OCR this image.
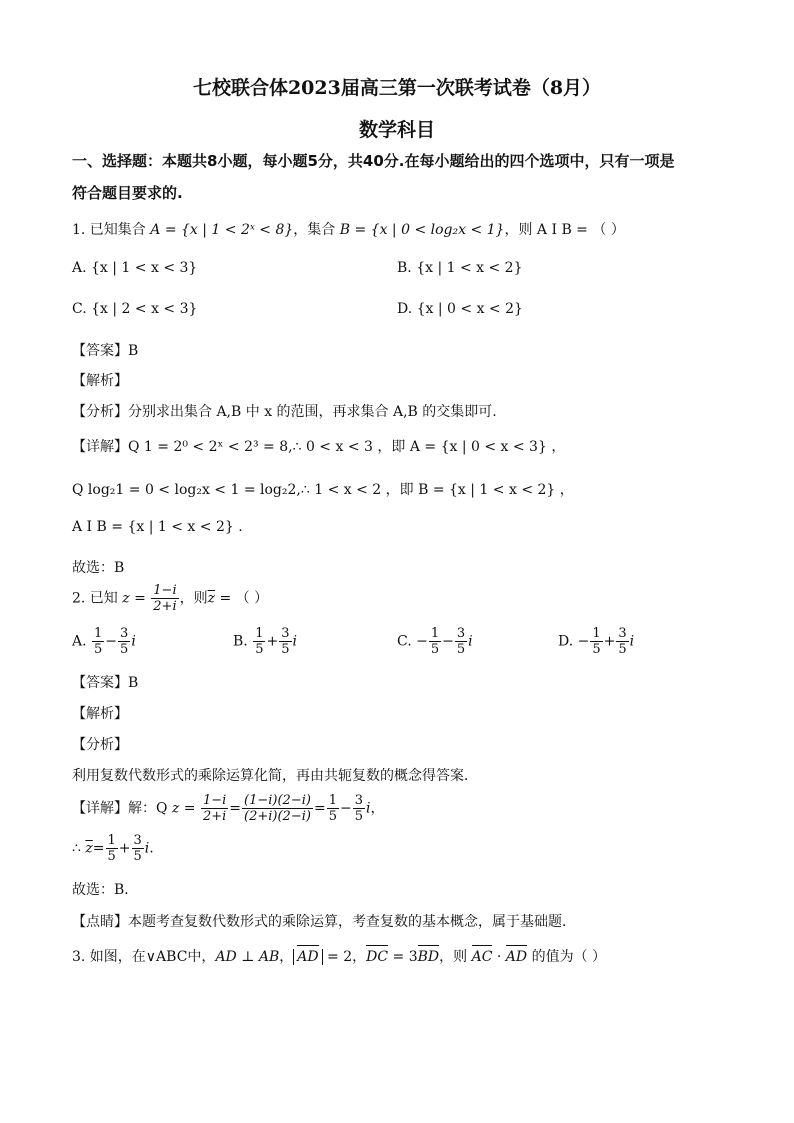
七校联合体2023届高三第一次联考试卷（8月）
数学科目
一、选择题：本题共8小题，每小题5分，共40分.在每小题给出的四个选项中，只有一项是
符合题目要求的.
1. 已知集合 A = {x | 1 < 2ˣ < 8}，集合 B = {x | 0 < log₂x < 1}，则 A I B = （ ）
A. {x | 1 < x < 3}	B. {x | 1 < x < 2}
C. {x | 2 < x < 3}	D. {x | 0 < x < 2}
【答案】B
【解析】
【分析】分别求出集合 A,B 中 x 的范围，再求集合 A,B 的交集即可.
【详解】Q 1 = 2⁰ < 2ˣ < 2³ = 8,∴ 0 < x < 3 ，即 A = {x | 0 < x < 3} ，
Q log₂1 = 0 < log₂x < 1 = log₂2,∴ 1 < x < 2 ，即 B = {x | 1 < x < 2} ，
A I B = {x | 1 < x < 2} .
故选：B
2. 已知 $z = \frac{1-i}{2+i}$ ，则$\overline{z}$ = （ ）
A. $\frac{1}{5} - \frac{3}{5}$ i	B. $\frac{1}{5} + \frac{3}{5}$ i	C. − $\frac{1}{5} - \frac{3}{5}$ i	D. − $\frac{1}{5} + \frac{3}{5}$ i
【答案】B
【解析】
【分析】
利用复数代数形式的乘除运算化简，再由共轭复数的概念得答案．
【详解】解：Q $z = \frac{1-i}{2+i} = \frac{(1-i)(2-i)}{(2+i)(2-i)} = \frac{1}{5} - \frac{3}{5}$ i，
∴ $\overline{z}= \frac{1}{5} + \frac{3}{5} i$.
故选：B．
【点睛】本题考查复数代数形式的乘除运算，考查复数的基本概念，属于基础题．
3. 如图，在∨ABC中，AD ⊥ AB， AD = 2，DC = 3BD，则 AC · AD 的值为（ ）
